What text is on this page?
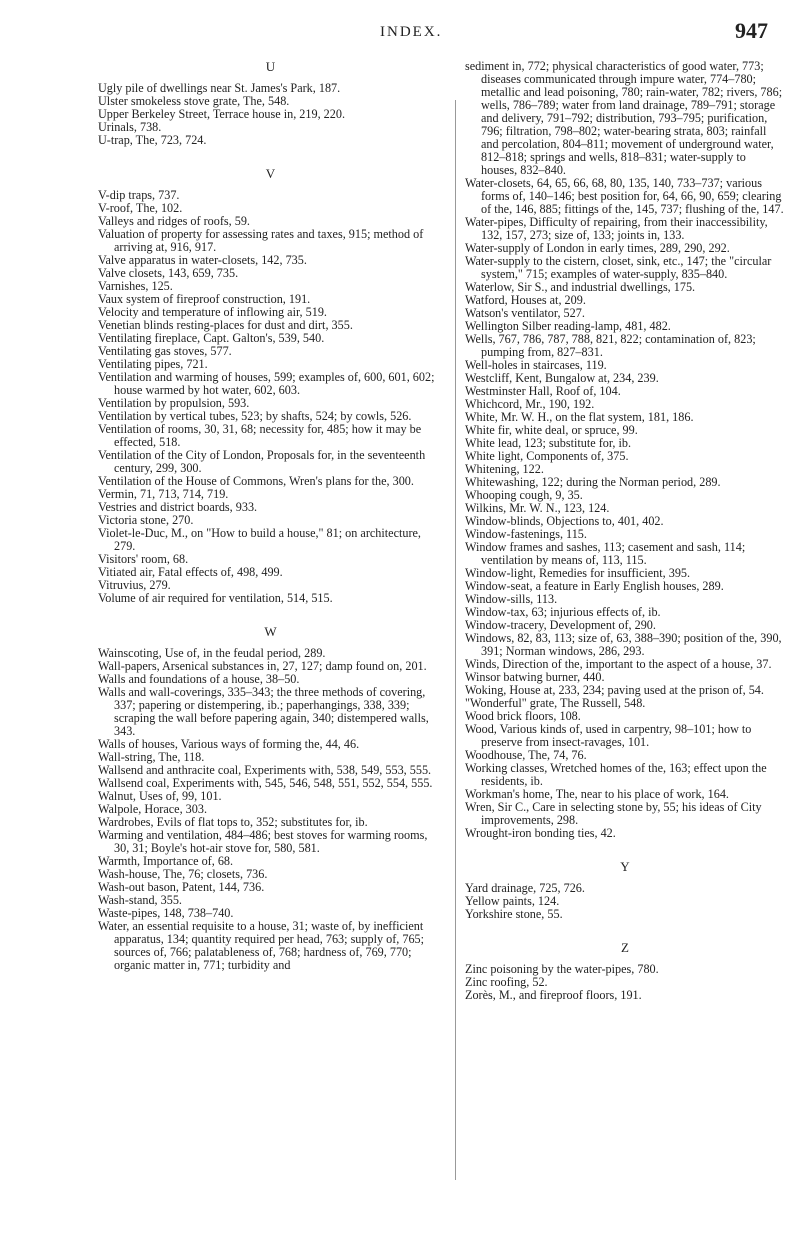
INDEX.	947
U

Ugly pile of dwellings near St. James's Park, 187.

Ulster smokeless stove grate, The, 548.

Upper Berkeley Street, Terrace house in, 219, 220.

Urinals, 738.

U-trap, The, 723, 724.

V

V-dip traps, 737.

V-roof, The, 102.

Valleys and ridges of roofs, 59.

Valuation of property for assessing rates and taxes, 915; method of arriving at, 916, 917.

Valve apparatus in water-closets, 142, 735.

Valve closets, 143, 659, 735.

Varnishes, 125.

Vaux system of fireproof construction, 191.

Velocity and temperature of inflowing air, 519.

Venetian blinds resting-places for dust and dirt, 355.

Ventilating fireplace, Capt. Galton's, 539, 540.

Ventilating gas stoves, 577.

Ventilating pipes, 721.

Ventilation and warming of houses, 599; examples of, 600, 601, 602; house warmed by hot water, 602, 603.

Ventilation by propulsion, 593.

Ventilation by vertical tubes, 523; by shafts, 524; by cowls, 526.

Ventilation of rooms, 30, 31, 68; necessity for, 485; how it may be effected, 518.

Ventilation of the City of London, Proposals for, in the seventeenth century, 299, 300.

Ventilation of the House of Commons, Wren's plans for the, 300.

Vermin, 71, 713, 714, 719.

Vestries and district boards, 933.

Victoria stone, 270.

Violet-le-Duc, M., on "How to build a house," 81; on architecture, 279.

Visitors' room, 68.

Vitiated air, Fatal effects of, 498, 499.

Vitruvius, 279.

Volume of air required for ventilation, 514, 515.

W

Wainscoting, Use of, in the feudal period, 289.

Wall-papers, Arsenical substances in, 27, 127; damp found on, 201.

Walls and foundations of a house, 38–50.

Walls and wall-coverings, 335–343; the three methods of covering, 337; papering or distempering, ib.; paperhangings, 338, 339; scraping the wall before papering again, 340; distempered walls, 343.

Walls of houses, Various ways of forming the, 44, 46.

Wall-string, The, 118.

Wallsend and anthracite coal, Experiments with, 538, 549, 553, 555.

Wallsend coal, Experiments with, 545, 546, 548, 551, 552, 554, 555.

Walnut, Uses of, 99, 101.

Walpole, Horace, 303.

Wardrobes, Evils of flat tops to, 352; substitutes for, ib.

Warming and ventilation, 484–486; best stoves for warming rooms, 30, 31; Boyle's hot-air stove for, 580, 581.

Warmth, Importance of, 68.

Wash-house, The, 76; closets, 736.

Wash-out bason, Patent, 144, 736.

Wash-stand, 355.

Waste-pipes, 148, 738–740.

Water, an essential requisite to a house, 31; waste of, by inefficient apparatus, 134; quantity required per head, 763; supply of, 765; sources of, 766; palatableness of, 768; hardness of, 769, 770; organic matter in, 771; turbidity and

sediment in, 772; physical characteristics of good water, 773; diseases communicated through impure water, 774–780; metallic and lead poisoning, 780; rain-water, 782; rivers, 786; wells, 786–789; water from land drainage, 789–791; storage and delivery, 791–792; distribution, 793–795; purification, 796; filtration, 798–802; water-bearing strata, 803; rainfall and percolation, 804–811; movement of underground water, 812–818; springs and wells, 818–831; water-supply to houses, 832–840.

Water-closets, 64, 65, 66, 68, 80, 135, 140, 733–737; various forms of, 140–146; best position for, 64, 66, 90, 659; clearing of the, 146, 885; fittings of the, 145, 737; flushing of the, 147.

Water-pipes, Difficulty of repairing, from their inaccessibility, 132, 157, 273; size of, 133; joints in, 133.

Water-supply of London in early times, 289, 290, 292.

Water-supply to the cistern, closet, sink, etc., 147; the "circular system," 715; examples of water-supply, 835–840.

Waterlow, Sir S., and industrial dwellings, 175.

Watford, Houses at, 209.

Watson's ventilator, 527.

Wellington Silber reading-lamp, 481, 482.

Wells, 767, 786, 787, 788, 821, 822; contamination of, 823; pumping from, 827–831.

Well-holes in staircases, 119.

Westcliff, Kent, Bungalow at, 234, 239.

Westminster Hall, Roof of, 104.

Whichcord, Mr., 190, 192.

White, Mr. W. H., on the flat system, 181, 186.

White fir, white deal, or spruce, 99.

White lead, 123; substitute for, ib.

White light, Components of, 375.

Whitening, 122.

Whitewashing, 122; during the Norman period, 289.

Whooping cough, 9, 35.

Wilkins, Mr. W. N., 123, 124.

Window-blinds, Objections to, 401, 402.

Window-fastenings, 115.

Window frames and sashes, 113; casement and sash, 114; ventilation by means of, 113, 115.

Window-light, Remedies for insufficient, 395.

Window-seat, a feature in Early English houses, 289.

Window-sills, 113.

Window-tax, 63; injurious effects of, ib.

Window-tracery, Development of, 290.

Windows, 82, 83, 113; size of, 63, 388–390; position of the, 390, 391; Norman windows, 286, 293.

Winds, Direction of the, important to the aspect of a house, 37.

Winsor batwing burner, 440.

Woking, House at, 233, 234; paving used at the prison of, 54.

"Wonderful" grate, The Russell, 548.

Wood brick floors, 108.

Wood, Various kinds of, used in carpentry, 98–101; how to preserve from insect-ravages, 101.

Woodhouse, The, 74, 76.

Working classes, Wretched homes of the, 163; effect upon the residents, ib.

Workman's home, The, near to his place of work, 164.

Wren, Sir C., Care in selecting stone by, 55; his ideas of City improvements, 298.

Wrought-iron bonding ties, 42.

Y

Yard drainage, 725, 726.

Yellow paints, 124.

Yorkshire stone, 55.

Z

Zinc poisoning by the water-pipes, 780.

Zinc roofing, 52.

Zorès, M., and fireproof floors, 191.
